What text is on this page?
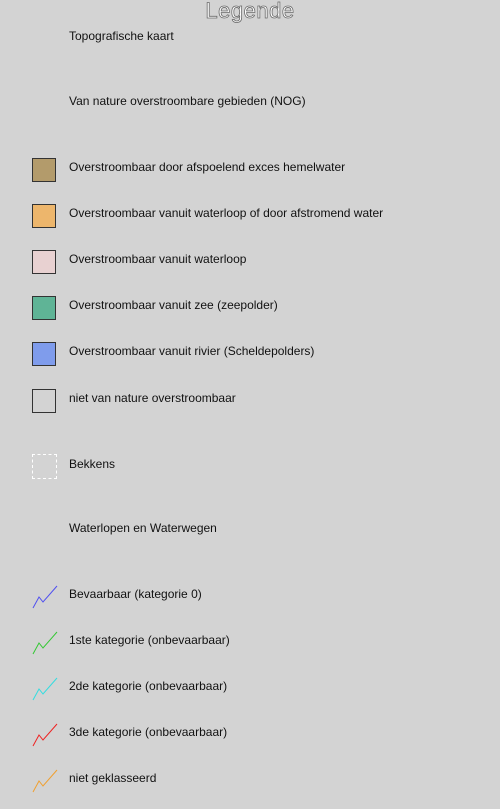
Legende
Topografische kaart
Van nature overstroombare gebieden (NOG)
Overstroombaar door afspoelend exces hemelwater
Overstroombaar vanuit waterloop of door afstromend water
Overstroombaar vanuit waterloop
Overstroombaar vanuit zee (zeepolder)
Overstroombaar vanuit rivier (Scheldepolders)
niet van nature overstroombaar
Bekkens
Waterlopen en Waterwegen
Bevaarbaar (kategorie 0)
1ste kategorie (onbevaarbaar)
2de kategorie (onbevaarbaar)
3de kategorie (onbevaarbaar)
niet geklasseerd
